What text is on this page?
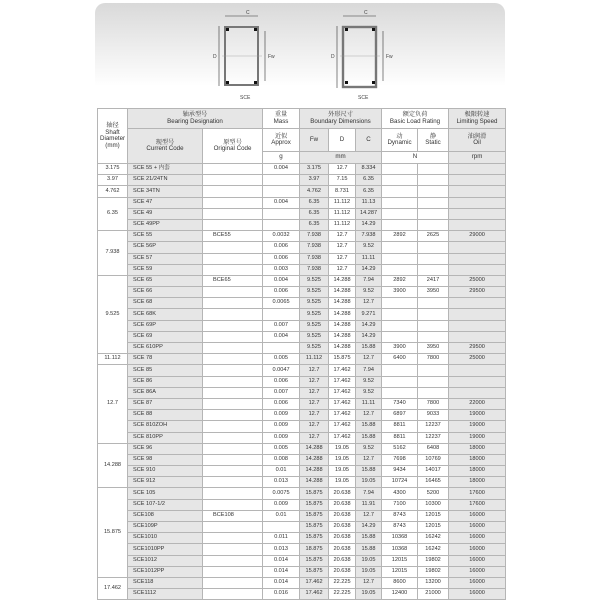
C
D	Fw
SCE
C
D	Fw
SCE
轴径
Shaft
Diameter
(mm)	轴承型号
Bearing Designation		重量
Mass	外形尺寸
Boundary Dimensions			额定负荷
Basic Load Rating		极限转速
Limiting Speed
	现型号
Current Code	原型号
Original Code	近似
Approx	Fw	D	C	动
Dynamic	静
Static	油润滑
Oil
			g	mm			N		rpm
3.175	SCE 55 + 内套		0.004	3.175	12.7	8.334			
3.97	SCE 21/24TN			3.97	7.15	6.35			
4.762	SCE 34TN			4.762	8.731	6.35			
6.35	SCE 47		0.004	6.35	11.112	11.13			
	SCE 49			6.35	11.112	14.287			
	SCE 49PP			6.35	11.112	14.29			
7.938	SCE 55	BCE55	0.0032	7.938	12.7	7.938	2892	2625	29000
	SCE 56P		0.006	7.938	12.7	9.52			
	SCE 57		0.006	7.938	12.7	11.11			
	SCE 59		0.003	7.938	12.7	14.29			
9.525	SCE 65	BCE65	0.004	9.525	14.288	7.94	2892	2417	25000
	SCE 66		0.006	9.525	14.288	9.52	3900	3950	29500
	SCE 68		0.0065	9.525	14.288	12.7			
	SCE 68K			9.525	14.288	9.271			
	SCE 69P		0.007	9.525	14.288	14.29			
	SCE 69		0.004	9.525	14.288	14.29			
	SCE 610PP			9.525	14.288	15.88	3900	3950	29500
11.112	SCE 78		0.005	11.112	15.875	12.7	6400	7800	25000
12.7	SCE 85		0.0047	12.7	17.462	7.94			
	SCE 86		0.006	12.7	17.462	9.52			
	SCE 86A		0.007	12.7	17.462	9.52			
	SCE 87		0.006	12.7	17.462	11.11	7340	7800	22000
	SCE 88		0.009	12.7	17.462	12.7	6897	9033	19000
	SCE 810ZOH		0.009	12.7	17.462	15.88	8811	12237	19000
	SCE 810PP		0.009	12.7	17.462	15.88	8811	12237	19000
14.288	SCE 96		0.005	14.288	19.05	9.52	5162	6408	18000
	SCE 98		0.008	14.288	19.05	12.7	7698	10769	18000
	SCE 910		0.01	14.288	19.05	15.88	9434	14017	18000
	SCE 912		0.013	14.288	19.05	19.05	10724	16465	18000
15.875	SCE 105		0.0075	15.875	20.638	7.94	4300	5200	17600
	SCE 107-1/2		0.009	15.875	20.638	11.91	7100	10300	17600
	SCE108	BCE108	0.01	15.875	20.638	12.7	8743	12015	16000
	SCE109P			15.875	20.638	14.29	8743	12015	16000
	SCE1010		0.011	15.875	20.638	15.88	10368	16242	16000
	SCE1010PP		0.013	18.875	20.638	15.88	10368	16242	16000
	SCE1012		0.014	15.875	20.638	19.05	12015	19802	16000
	SCE1012PP		0.014	15.875	20.638	19.05	12015	19802	16000
17.462	SCE118		0.014	17.462	22.225	12.7	8600	13200	16000
	SCE1112		0.016	17.462	22.225	19.05	12400	21000	16000
